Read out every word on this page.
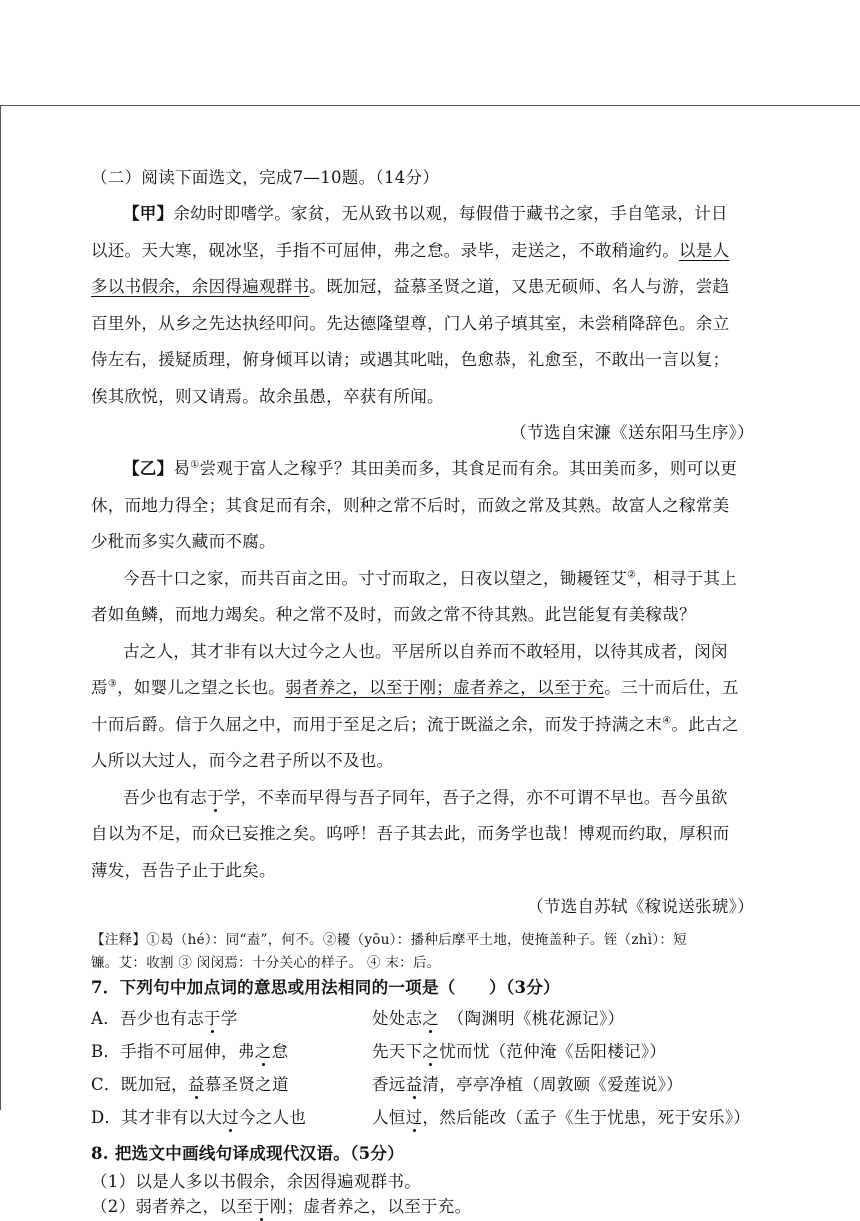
（二）阅读下面选文，完成7—10题。（14分）
【甲】余幼时即嗜学。家贫，无从致书以观，每假借于藏书之家，手自笔录，计日
以还。天大寒，砚冰坚，手指不可屈伸，弗之怠。录毕，走送之，不敢稍逾约。以是人
多以书假余，余因得遍观群书。既加冠，益慕圣贤之道，又患无硕师、名人与游，尝趋
百里外，从乡之先达执经叩问。先达德隆望尊，门人弟子填其室，未尝稍降辞色。余立
侍左右，援疑质理，俯身倾耳以请；或遇其叱咄，色愈恭，礼愈至，不敢出一言以复；
俟其欣悦，则又请焉。故余虽愚，卒获有所闻。
（节选自宋濂《送东阳马生序》）
【乙】曷①尝观于富人之稼乎？其田美而多，其食足而有余。其田美而多，则可以更
休，而地力得全；其食足而有余，则种之常不后时，而敛之常及其熟。故富人之稼常美
少秕而多实久藏而不腐。
今吾十口之家，而共百亩之田。寸寸而取之，日夜以望之，锄耰铚艾②，相寻于其上
者如鱼鳞，而地力竭矣。种之常不及时，而敛之常不待其熟。此岂能复有美稼哉？
古之人，其才非有以大过今之人也。平居所以自养而不敢轻用，以待其成者，闵闵
焉③，如婴儿之望之长也。弱者养之，以至于刚；虚者养之，以至于充。三十而后仕，五
十而后爵。信于久屈之中，而用于至足之后；流于既溢之余，而发于持满之末④。此古之
人所以大过人，而今之君子所以不及也。
吾少也有志于学，不幸而早得与吾子同年，吾子之得，亦不可谓不早也。吾今虽欲
自以为不足，而众已妄推之矣。呜呼！吾子其去此，而务学也哉！博观而约取，厚积而
薄发，吾告子止于此矣。
（节选自苏轼《稼说送张琥》）
【注释】①曷（hé）：同“盍”，何不。②耰（yōu）：播种后摩平土地，使掩盖种子。铚（zhì）：短
镰。艾：收割 ③ 闵闵焉：十分关心的样子。 ④ 末：后。
7．下列句中加点词的意思或用法相同的一项是（　　）（3分）
A．吾少也有志于学	处处志之　（陶渊明《桃花源记》）
B．手指不可屈伸，弗之怠	先天下之忧而忧（范仲淹《岳阳楼记》）
C．既加冠，益慕圣贤之道	香远益清，亭亭净植（周敦颐《爱莲说》）
D．其才非有以大过今之人也	人恒过，然后能改（孟子《生于忧患，死于安乐》）
8. 把选文中画线句译成现代汉语。（5分）
（1）以是人多以书假余，余因得遍观群书。
（2）弱者养之，以至于刚；虚者养之，以至于充。
